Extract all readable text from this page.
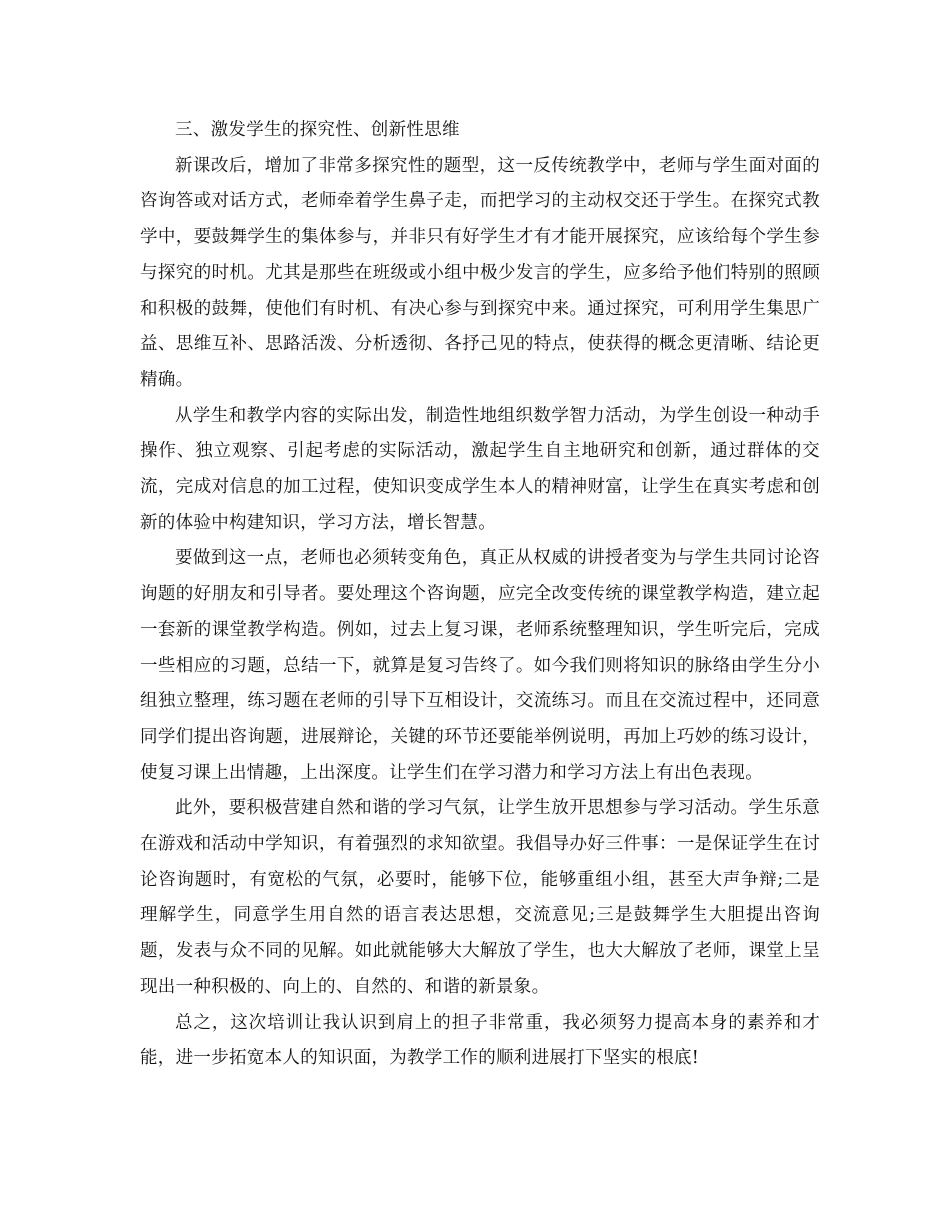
三、激发学生的探究性、创新性思维

新课改后，增加了非常多探究性的题型，这一反传统教学中，老师与学生面对面的咨询答或对话方式，老师牵着学生鼻子走，而把学习的主动权交还于学生。在探究式教学中，要鼓舞学生的集体参与，并非只有好学生才有才能开展探究，应该给每个学生参与探究的时机。尤其是那些在班级或小组中极少发言的学生，应多给予他们特别的照顾和积极的鼓舞，使他们有时机、有决心参与到探究中来。通过探究，可利用学生集思广益、思维互补、思路活泼、分析透彻、各抒己见的特点，使获得的概念更清晰、结论更精确。

从学生和教学内容的实际出发，制造性地组织数学智力活动，为学生创设一种动手操作、独立观察、引起考虑的实际活动，激起学生自主地研究和创新，通过群体的交流，完成对信息的加工过程，使知识变成学生本人的精神财富，让学生在真实考虑和创新的体验中构建知识，学习方法，增长智慧。

要做到这一点，老师也必须转变角色，真正从权威的讲授者变为与学生共同讨论咨询题的好朋友和引导者。要处理这个咨询题，应完全改变传统的课堂教学构造，建立起一套新的课堂教学构造。例如，过去上复习课，老师系统整理知识，学生听完后，完成一些相应的习题，总结一下，就算是复习告终了。如今我们则将知识的脉络由学生分小组独立整理，练习题在老师的引导下互相设计，交流练习。而且在交流过程中，还同意同学们提出咨询题，进展辩论，关键的环节还要能举例说明，再加上巧妙的练习设计，使复习课上出情趣，上出深度。让学生们在学习潜力和学习方法上有出色表现。

此外，要积极营建自然和谐的学习气氛，让学生放开思想参与学习活动。学生乐意在游戏和活动中学知识，有着强烈的求知欲望。我倡导办好三件事：一是保证学生在讨论咨询题时，有宽松的气氛，必要时，能够下位，能够重组小组，甚至大声争辩;二是理解学生，同意学生用自然的语言表达思想，交流意见;三是鼓舞学生大胆提出咨询题，发表与众不同的见解。如此就能够大大解放了学生，也大大解放了老师，课堂上呈现出一种积极的、向上的、自然的、和谐的新景象。

总之，这次培训让我认识到肩上的担子非常重，我必须努力提高本身的素养和才能，进一步拓宽本人的知识面，为教学工作的顺利进展打下坚实的根底!
